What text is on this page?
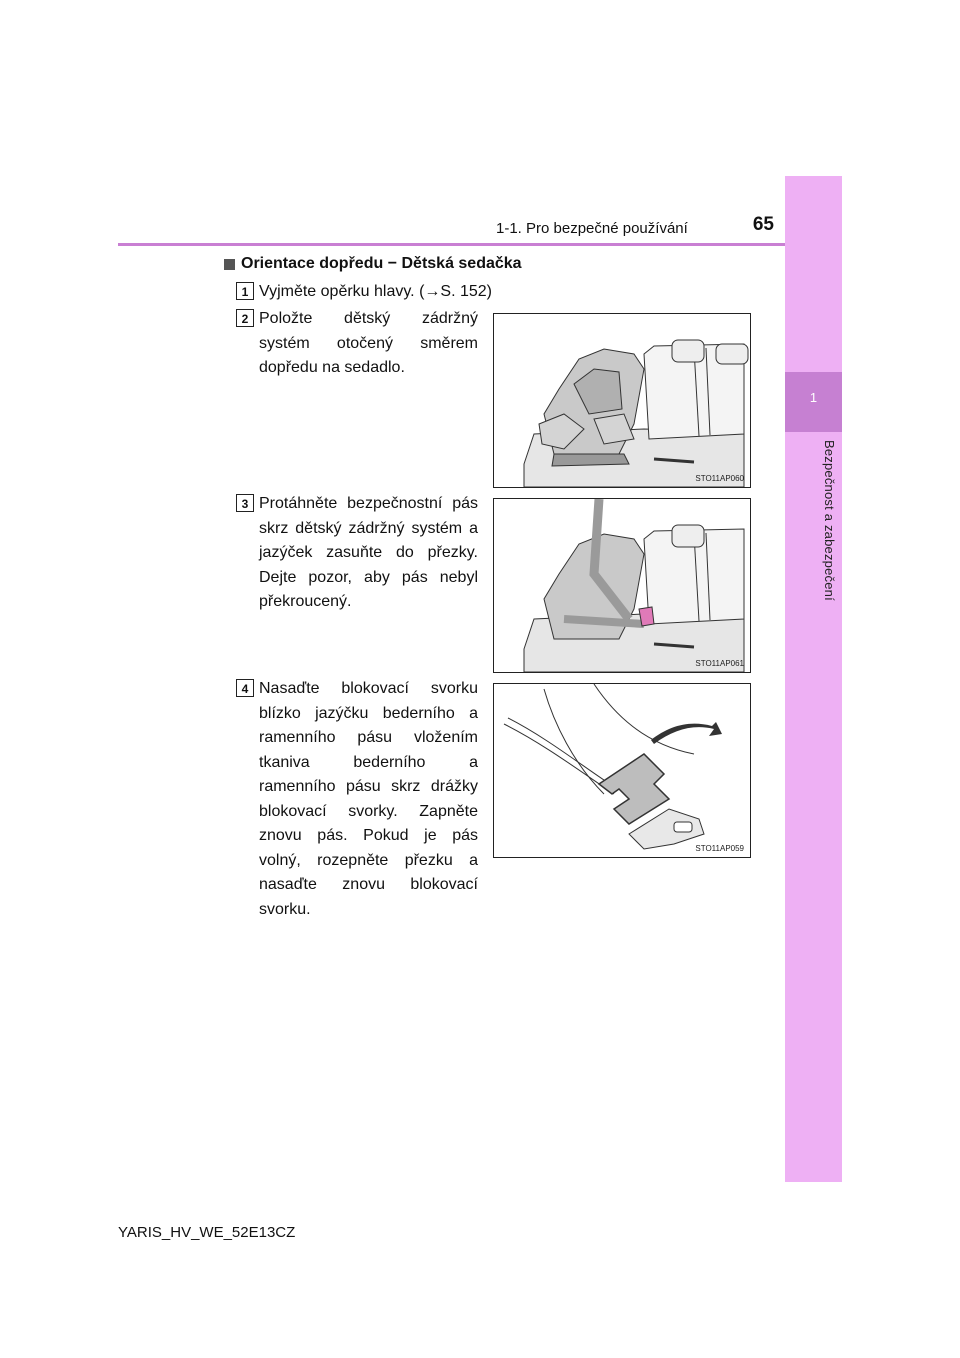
1-1. Pro bezpečné používání	65
1
Bezpečnost a zabezpečení
Orientace dopředu − Dětská sedačka
1 Vyjměte opěrku hlavy. (→S. 152)
2 Položte dětský zádržný systém otočený směrem dopředu na sedadlo.
STO11AP060
3 Protáhněte bezpečnostní pás skrz dětský zádržný systém a jazýček zasuňte do přezky. Dejte pozor, aby pás nebyl překroucený.
STO11AP061
4 Nasaďte blokovací svorku blízko jazýčku bederního a ramenního pásu vložením tkaniva bederního a ramenního pásu skrz drážky blokovací svorky. Zapněte znovu pás. Pokud je pás volný, rozepněte přezku a nasaďte znovu blokovací svorku.
STO11AP059
YARIS_HV_WE_52E13CZ
